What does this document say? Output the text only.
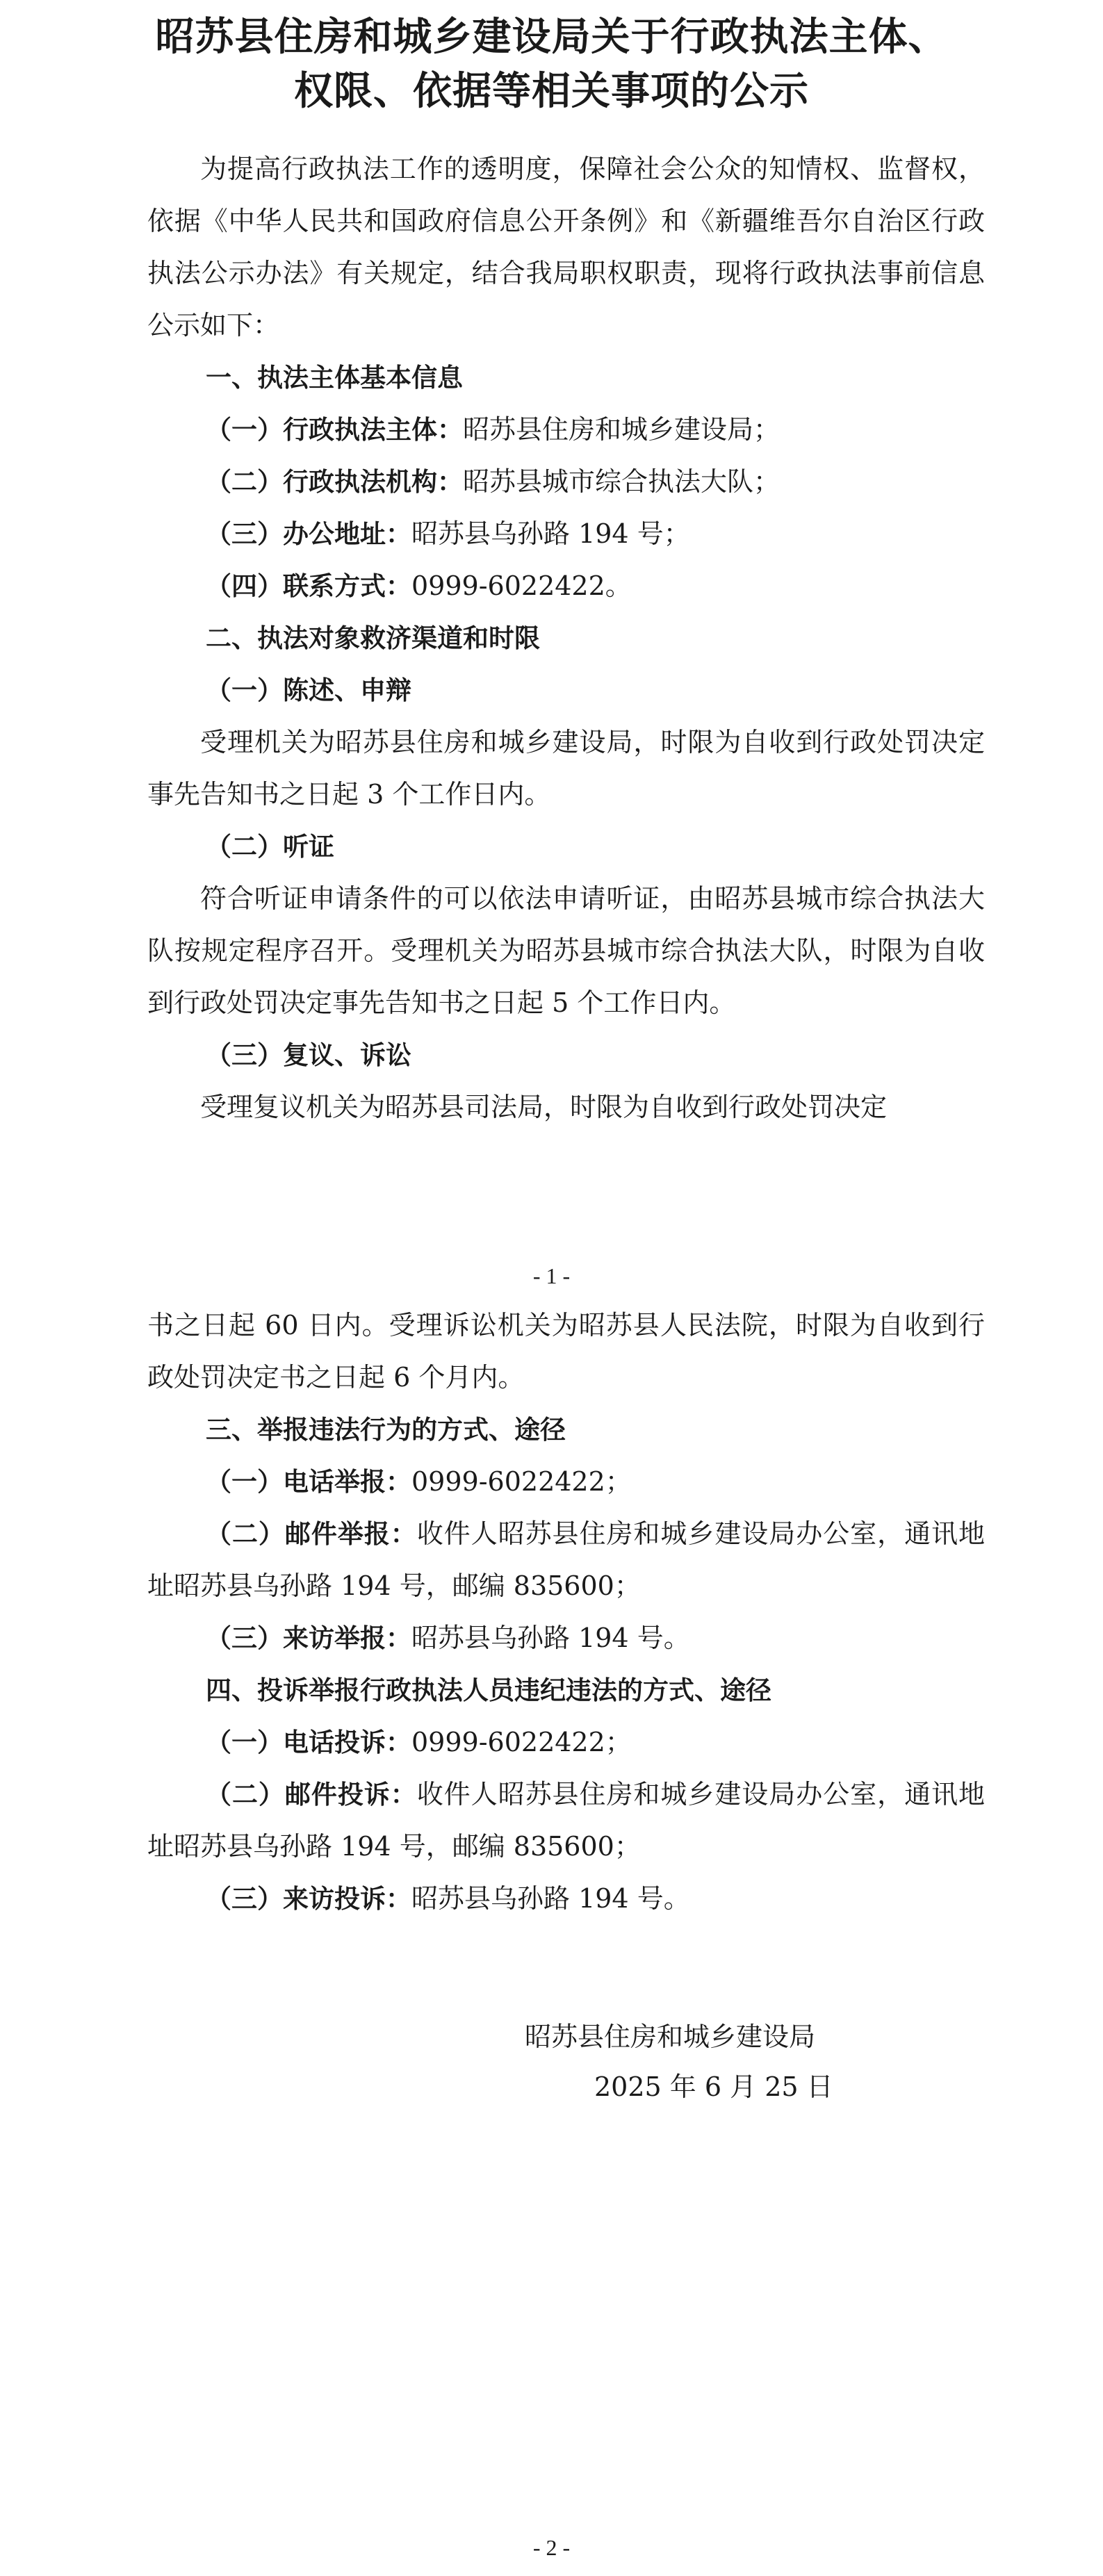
昭苏县住房和城乡建设局关于行政执法主体、
权限、依据等相关事项的公示

为提高行政执法工作的透明度，保障社会公众的知情权、监督权，依据《中华人民共和国政府信息公开条例》和《新疆维吾尔自治区行政执法公示办法》有关规定，结合我局职权职责，现将行政执法事前信息公示如下：

一、执法主体基本信息

（一）行政执法主体：昭苏县住房和城乡建设局；

（二）行政执法机构：昭苏县城市综合执法大队；

（三）办公地址：昭苏县乌孙路 194 号；

（四）联系方式：0999-6022422。

二、执法对象救济渠道和时限

（一）陈述、申辩

受理机关为昭苏县住房和城乡建设局，时限为自收到行政处罚决定事先告知书之日起 3 个工作日内。

（二）听证

符合听证申请条件的可以依法申请听证，由昭苏县城市综合执法大队按规定程序召开。受理机关为昭苏县城市综合执法大队，时限为自收到行政处罚决定事先告知书之日起 5 个工作日内。

（三）复议、诉讼

受理复议机关为昭苏县司法局，时限为自收到行政处罚决定

- 1 -

书之日起 60 日内。受理诉讼机关为昭苏县人民法院，时限为自收到行政处罚决定书之日起 6 个月内。

三、举报违法行为的方式、途径

（一）电话举报：0999-6022422；

（二）邮件举报：收件人昭苏县住房和城乡建设局办公室，通讯地址昭苏县乌孙路 194 号，邮编 835600；

（三）来访举报：昭苏县乌孙路 194 号。

四、投诉举报行政执法人员违纪违法的方式、途径

（一）电话投诉：0999-6022422；

（二）邮件投诉：收件人昭苏县住房和城乡建设局办公室，通讯地址昭苏县乌孙路 194 号，邮编 835600；

（三）来访投诉：昭苏县乌孙路 194 号。

昭苏县住房和城乡建设局
2025 年 6 月 25 日
- 2 -
